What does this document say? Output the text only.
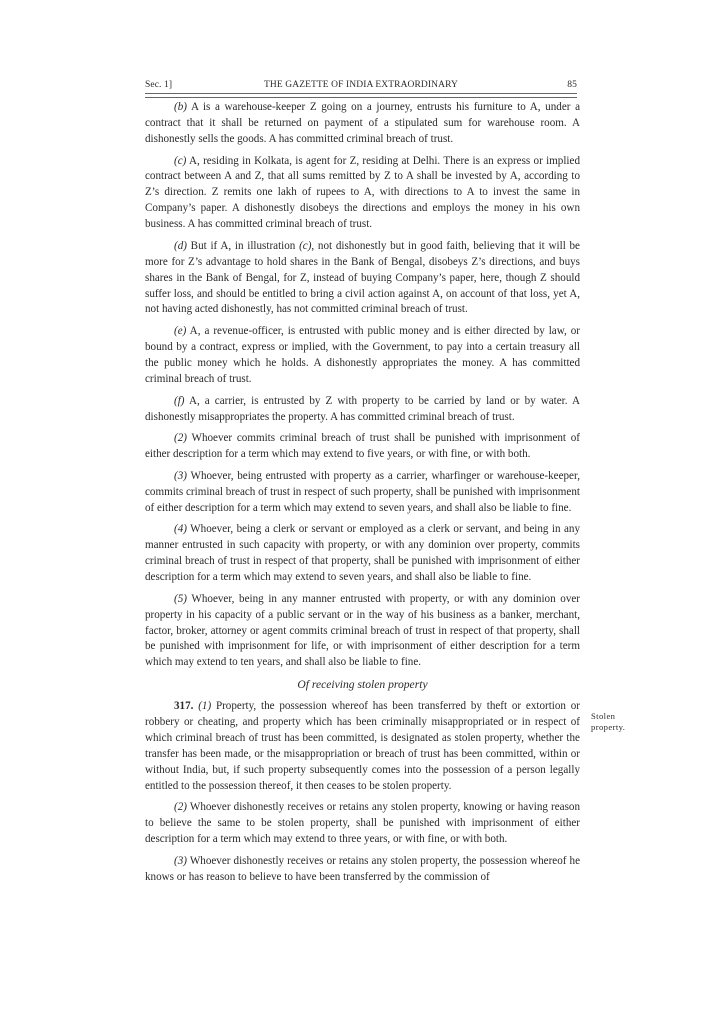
Sec. 1]	THE GAZETTE OF INDIA EXTRAORDINARY	85

(b) A is a warehouse-keeper Z going on a journey, entrusts his furniture to A, under a contract that it shall be returned on payment of a stipulated sum for warehouse room. A dishonestly sells the goods. A has committed criminal breach of trust.

(c) A, residing in Kolkata, is agent for Z, residing at Delhi. There is an express or implied contract between A and Z, that all sums remitted by Z to A shall be invested by A, according to Z’s direction. Z remits one lakh of rupees to A, with directions to A to invest the same in Company’s paper. A dishonestly disobeys the directions and employs the money in his own business. A has committed criminal breach of trust.

(d) But if A, in illustration (c), not dishonestly but in good faith, believing that it will be more for Z’s advantage to hold shares in the Bank of Bengal, disobeys Z’s directions, and buys shares in the Bank of Bengal, for Z, instead of buying Company’s paper, here, though Z should suffer loss, and should be entitled to bring a civil action against A, on account of that loss, yet A, not having acted dishonestly, has not committed criminal breach of trust.

(e) A, a revenue-officer, is entrusted with public money and is either directed by law, or bound by a contract, express or implied, with the Government, to pay into a certain treasury all the public money which he holds. A dishonestly appropriates the money. A has committed criminal breach of trust.

(f) A, a carrier, is entrusted by Z with property to be carried by land or by water. A dishonestly misappropriates the property. A has committed criminal breach of trust.

(2) Whoever commits criminal breach of trust shall be punished with imprisonment of either description for a term which may extend to five years, or with fine, or with both.

(3) Whoever, being entrusted with property as a carrier, wharfinger or warehouse-keeper, commits criminal breach of trust in respect of such property, shall be punished with imprisonment of either description for a term which may extend to seven years, and shall also be liable to fine.

(4) Whoever, being a clerk or servant or employed as a clerk or servant, and being in any manner entrusted in such capacity with property, or with any dominion over property, commits criminal breach of trust in respect of that property, shall be punished with imprisonment of either description for a term which may extend to seven years, and shall also be liable to fine.

(5) Whoever, being in any manner entrusted with property, or with any dominion over property in his capacity of a public servant or in the way of his business as a banker, merchant, factor, broker, attorney or agent commits criminal breach of trust in respect of that property, shall be punished with imprisonment for life, or with imprisonment of either description for a term which may extend to ten years, and shall also be liable to fine.

Of receiving stolen property

317. (1) Property, the possession whereof has been transferred by theft or extortion or robbery or cheating, and property which has been criminally misappropriated or in respect of which criminal breach of trust has been committed, is designated as stolen property, whether the transfer has been made, or the misappropriation or breach of trust has been committed, within or without India, but, if such property subsequently comes into the possession of a person legally entitled to the possession thereof, it then ceases to be stolen property.

(2) Whoever dishonestly receives or retains any stolen property, knowing or having reason to believe the same to be stolen property, shall be punished with imprisonment of either description for a term which may extend to three years, or with fine, or with both.

(3) Whoever dishonestly receives or retains any stolen property, the possession whereof he knows or has reason to believe to have been transferred by the commission of

Stolen property.
